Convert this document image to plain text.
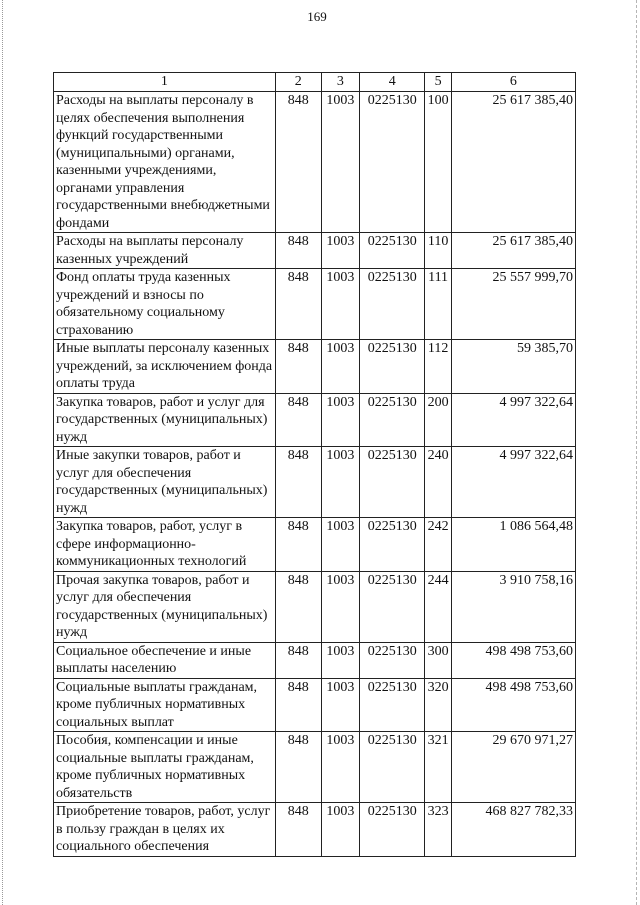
169
1	2	3	4	5	6
Расходы на выплаты персоналу в целях обеспечения выполнения функций государственными (муниципальными) органами, казенными учреждениями, органами управления государственными внебюджетными фондами	848	1003	0225130	100	25 617 385,40
Расходы на выплаты персоналу казенных учреждений	848	1003	0225130	110	25 617 385,40
Фонд оплаты труда казенных учреждений и взносы по обязательному социальному страхованию	848	1003	0225130	111	25 557 999,70
Иные выплаты персоналу казенных учреждений, за исключением фонда оплаты труда	848	1003	0225130	112	59 385,70
Закупка товаров, работ и услуг для государственных (муниципальных) нужд	848	1003	0225130	200	4 997 322,64
Иные закупки товаров, работ и услуг для обеспечения государственных (муниципальных) нужд	848	1003	0225130	240	4 997 322,64
Закупка товаров, работ, услуг в сфере информационно-коммуникационных технологий	848	1003	0225130	242	1 086 564,48
Прочая закупка товаров, работ и услуг для обеспечения государственных (муниципальных) нужд	848	1003	0225130	244	3 910 758,16
Социальное обеспечение и иные выплаты населению	848	1003	0225130	300	498 498 753,60
Социальные выплаты гражданам, кроме публичных нормативных социальных выплат	848	1003	0225130	320	498 498 753,60
Пособия, компенсации и иные социальные выплаты гражданам, кроме публичных нормативных обязательств	848	1003	0225130	321	29 670 971,27
Приобретение товаров, работ, услуг в пользу граждан в целях их социального обеспечения	848	1003	0225130	323	468 827 782,33
